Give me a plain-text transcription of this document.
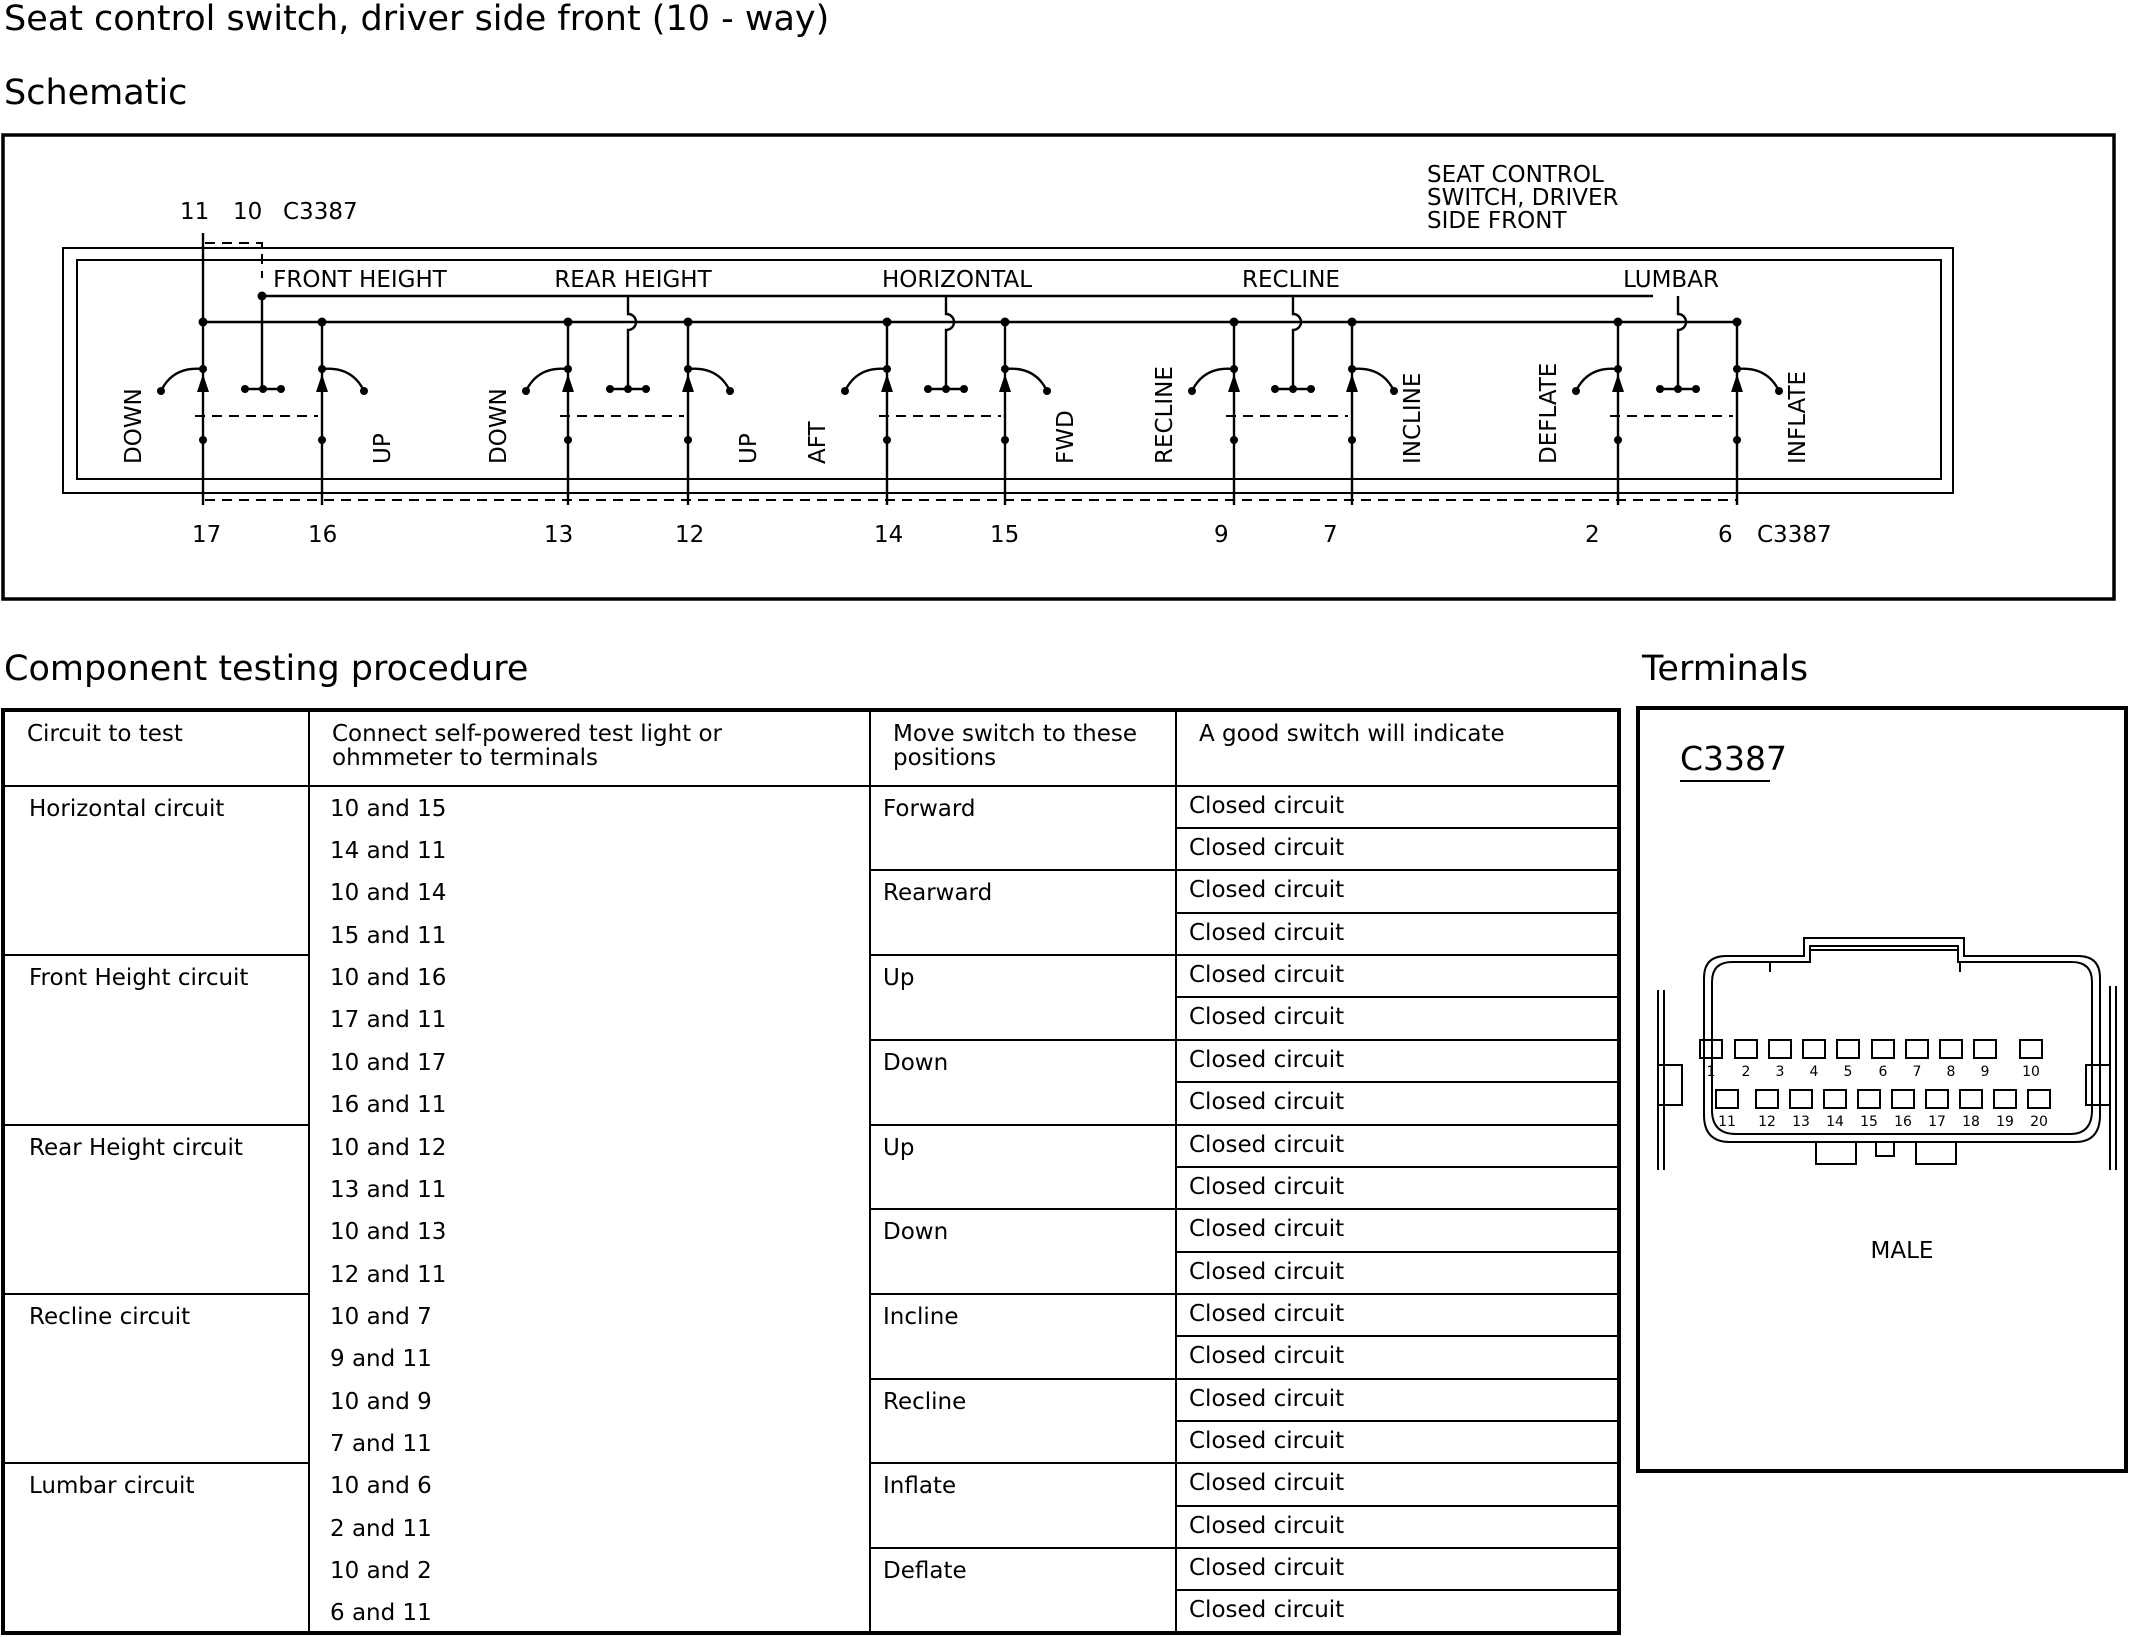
Seat control switch, driver side front (10 - way)
Schematic
Component testing procedure	Terminals
11 10 C3387
SEAT CONTROL
SWITCH, DRIVER
SIDE FRONT
C3387
FRONT HEIGHT
17	16
DOWN	UP
REAR HEIGHT
13	12
DOWN	UP
HORIZONTAL
14	15
AFT	FWD
RECLINE
9	7
RECLINE	INCLINE
LUMBAR
2	6
DEFLATE	INFLATE
Circuit to test	Connect self-powered test light or ohmmeter to terminals	Move switch to these positions	A good switch will indicate
Horizontal circuit	10 and 15	Forward	Closed circuit
	14 and 11		Closed circuit
	10 and 14	Rearward	Closed circuit
	15 and 11		Closed circuit
Front Height circuit	10 and 16	Up	Closed circuit
	17 and 11		Closed circuit
	10 and 17	Down	Closed circuit
	16 and 11		Closed circuit
Rear Height circuit	10 and 12	Up	Closed circuit
	13 and 11		Closed circuit
	10 and 13	Down	Closed circuit
	12 and 11		Closed circuit
Recline circuit	10 and 7	Incline	Closed circuit
	9 and 11		Closed circuit
	10 and 9	Recline	Closed circuit
	7 and 11		Closed circuit
Lumbar circuit	10 and 6	Inflate	Closed circuit
	2 and 11		Closed circuit
	10 and 2	Deflate	Closed circuit
	6 and 11		Closed circuit
C3387
MALE
1 2 3 4 5 6 7 8 9 10
11 12 13 14 15 16 17 18 19 20
